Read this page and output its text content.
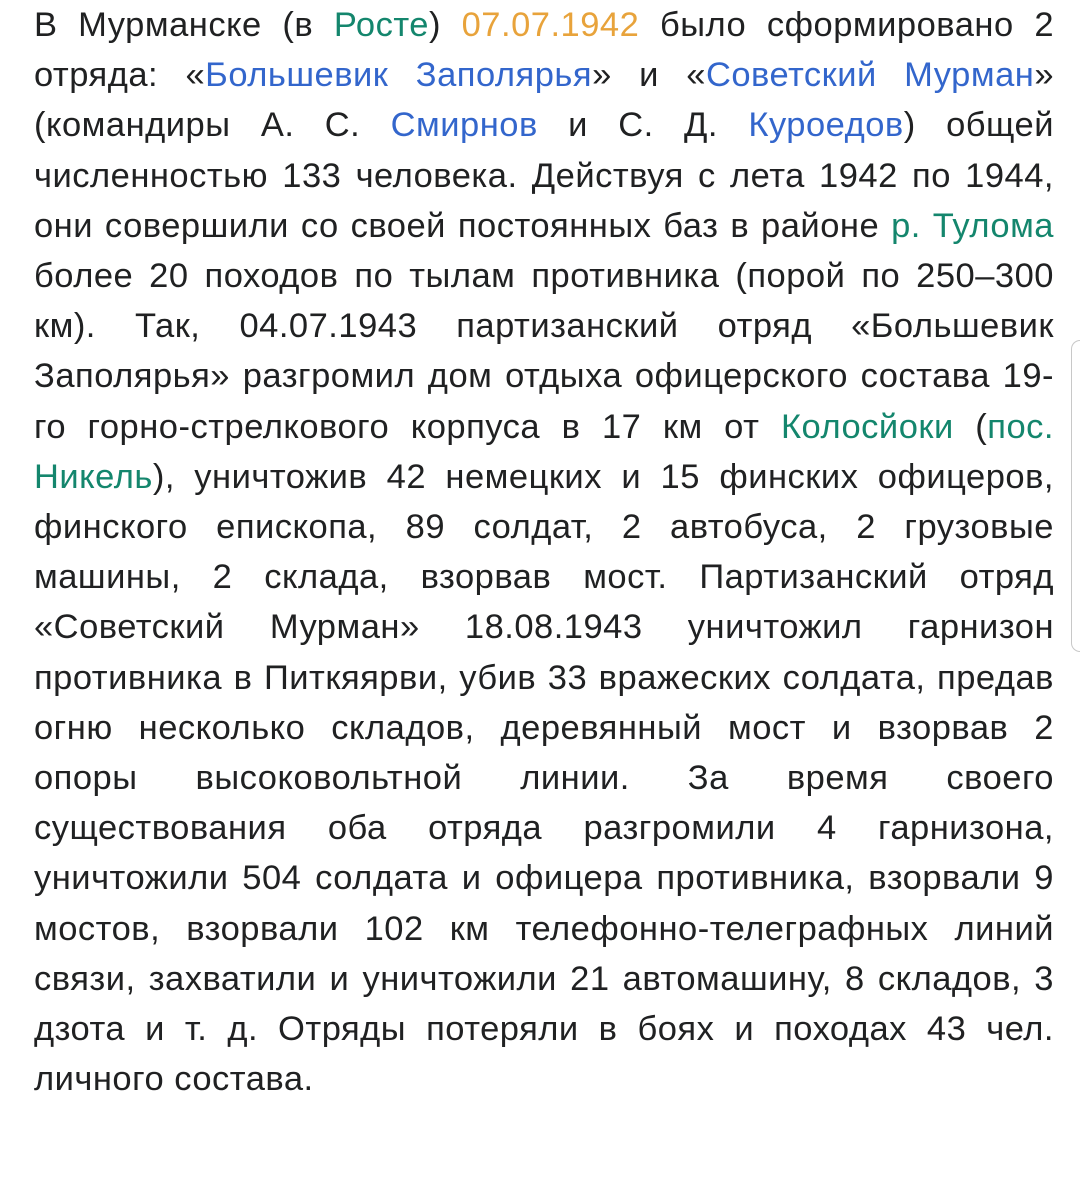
В Мурманске (в Росте) 07.07.1942 было сформировано 2 отряда: «Большевик Заполярья» и «Советский Мурман» (командиры А. С. Смирнов и С. Д. Куроедов) общей численностью 133 человека. Действуя с лета 1942 по 1944, они совершили со своей постоянных баз в районе р. Тулома более 20 походов по тылам противника (порой по 250–300 км). Так, 04.07.1943 партизанский отряд «Большевик Заполярья» разгромил дом отдыха офицерского состава 19-го горно-стрелкового корпуса в 17 км от Колосйоки (пос. Никель), уничтожив 42 немецких и 15 финских офицеров, финского епископа, 89 солдат, 2 автобуса, 2 грузовые машины, 2 склада, взорвав мост. Партизанский отряд «Советский Мурман» 18.08.1943 уничтожил гарнизон противника в Питкяярви, убив 33 вражеских солдата, предав огню несколько складов, деревянный мост и взорвав 2 опоры высоковольтной линии. За время своего существования оба отряда разгромили 4 гарнизона, уничтожили 504 солдата и офицера противника, взорвали 9 мостов, взорвали 102 км телефонно-телеграфных линий связи, захватили и уничтожили 21 автомашину, 8 складов, 3 дзота и т. д. Отряды потеряли в боях и походах 43 чел. личного состава.
